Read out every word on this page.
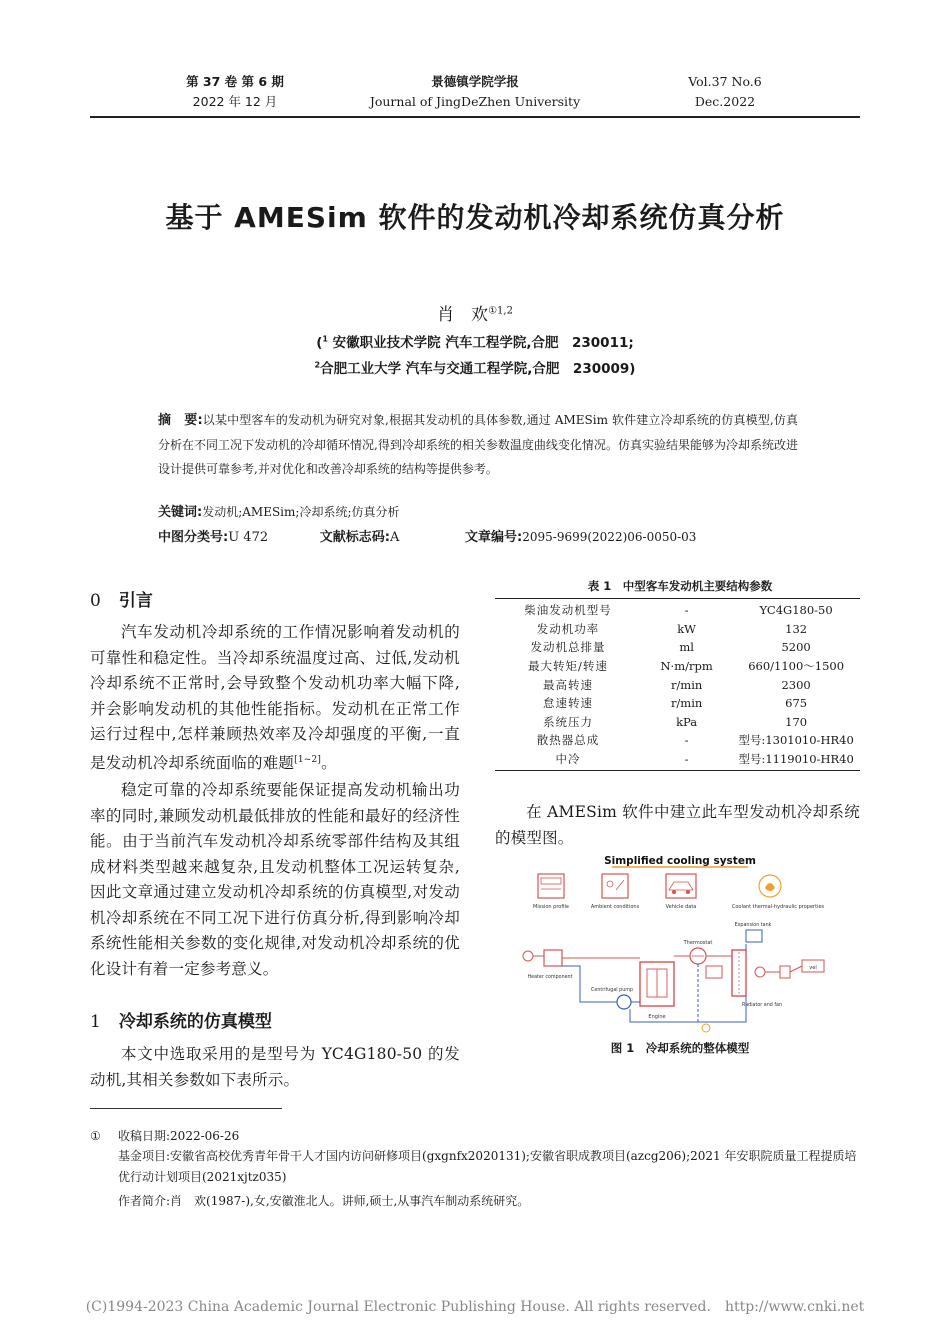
第 37 卷 第 6 期
2022 年 12 月
景德镇学院学报
Journal of JingDeZhen University
Vol.37 No.6
Dec.2022
基于 AMESim 软件的发动机冷却系统仿真分析
肖　欢$^{①1,2}$
($^1$ 安徽职业技术学院 汽车工程学院,合肥　230011;
$^2$合肥工业大学 汽车与交通工程学院,合肥　230009)
摘　要:以某中型客车的发动机为研究对象,根据其发动机的具体参数,通过 AMESim 软件建立冷却系统的仿真模型,仿真分析在不同工况下发动机的冷却循环情况,得到冷却系统的相关参数温度曲线变化情况。仿真实验结果能够为冷却系统改进设计提供可靠参考,并对优化和改善冷却系统的结构等提供参考。
关键词:发动机;AMESim;冷却系统;仿真分析
中图分类号:U 472	文献标志码:A	文章编号:2095-9699(2022)06-0050-03
0 引言

汽车发动机冷却系统的工作情况影响着发动机的可靠性和稳定性。当冷却系统温度过高、过低,发动机冷却系统不正常时,会导致整个发动机功率大幅下降,并会影响发动机的其他性能指标。发动机在正常工作运行过程中,怎样兼顾热效率及冷却强度的平衡,一直是发动机冷却系统面临的难题[1~2]。

稳定可靠的冷却系统要能保证提高发动机输出功率的同时,兼顾发动机最低排放的性能和最好的经济性能。由于当前汽车发动机冷却系统零部件结构及其组成材料类型越来越复杂,且发动机整体工况运转复杂,因此文章通过建立发动机冷却系统的仿真模型,对发动机冷却系统在不同工况下进行仿真分析,得到影响冷却系统性能相关参数的变化规律,对发动机冷却系统的优化设计有着一定参考意义。

1 冷却系统的仿真模型

本文中选取采用的是型号为 YC4G180-50 的发动机,其相关参数如下表所示。

表 1　中型客车发动机主要结构参数
柴油发动机型号	-	YC4G180-50
发动机功率	kW	132
发动机总排量	ml	5200
最大转矩/转速	N·m/rpm	660/1100～1500
最高转速	r/min	2300
怠速转速	r/min	675
系统压力	kPa	170
散热器总成	-	型号:1301010-HR40
中冷	-	型号:1119010-HR40

在 AMESim 软件中建立此车型发动机冷却系统的模型图。

Simplified cooling system
Mission profile	Ambient conditions	Vehicle data	Coolant thermal-hydraulic properties
Expansion tank
Thermostat
Engine
Centrifugal pump
Heater component
Radiator and fan
vel
图 1　冷却系统的整体模型
①	收稿日期:2022-06-26
基金项目:安徽省高校优秀青年骨干人才国内访问研修项目(gxgnfx2020131);安徽省职成教项目(azcg206);2021 年安职院质量工程提质培优行动计划项目(2021xjtz035)
作者简介:肖　欢(1987-),女,安徽淮北人。讲师,硕士,从事汽车制动系统研究。
(C)1994-2023 China Academic Journal Electronic Publishing House. All rights reserved.　http://www.cnki.net
